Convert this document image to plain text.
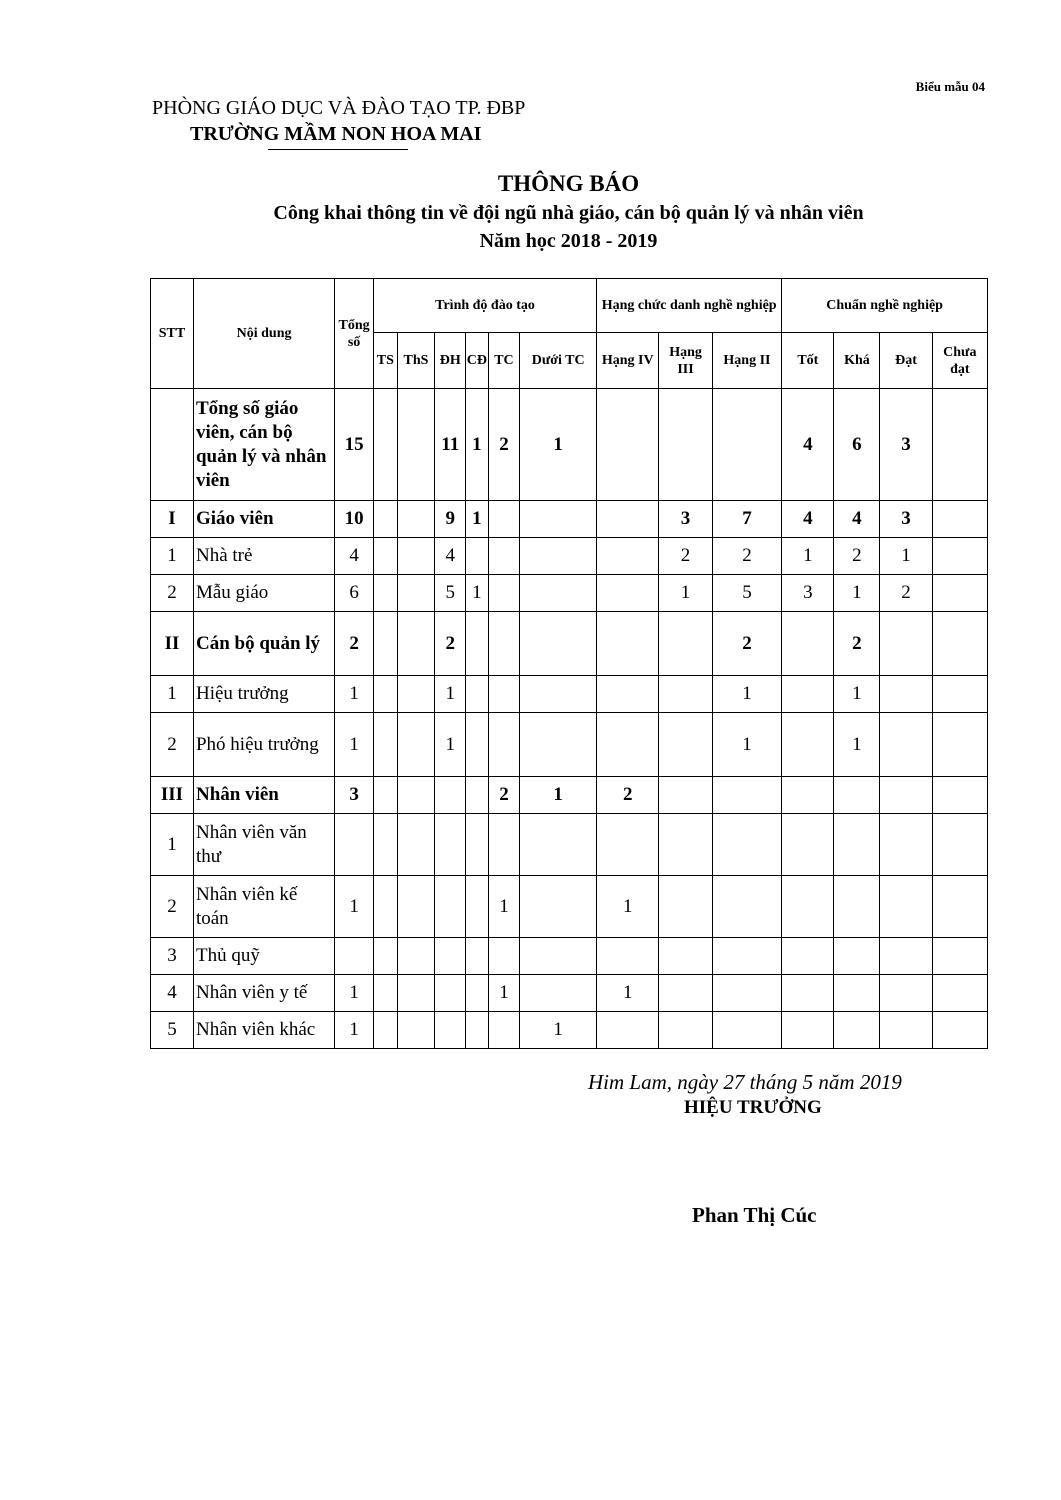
Biểu mẫu 04
PHÒNG GIÁO DỤC VÀ ĐÀO TẠO TP. ĐBP
TRƯỜNG MẦM NON HOA MAI
THÔNG BÁO
Công khai thông tin về đội ngũ nhà giáo, cán bộ quản lý và nhân viên
Năm học 2018 - 2019
STT	Nội dung	Tổng số	Trình độ đào tạo						Hạng chức danh nghề nghiệp			Chuẩn nghề nghiệp			
			TS	ThS	ĐH	CĐ	TC	Dưới TC	Hạng IV	Hạng III	Hạng II	Tốt	Khá	Đạt	Chưa đạt
	Tổng số giáo viên, cán bộ quản lý và nhân viên	15			11	1	2	1				4	6	3	
I	Giáo viên	10			9	1				3	7	4	4	3	
1	Nhà trẻ	4			4					2	2	1	2	1	
2	Mẫu giáo	6			5	1				1	5	3	1	2	
II	Cán bộ quản lý	2			2						2		2		
1	Hiệu trưởng	1			1						1		1		
2	Phó hiệu trưởng	1			1						1		1		
III	Nhân viên	3					2	1	2						
1	Nhân viên văn thư														
2	Nhân viên kế toán	1					1		1						
3	Thủ quỹ														
4	Nhân viên y tế	1					1		1						
5	Nhân viên khác	1						1							
Him Lam, ngày 27 tháng 5 năm 2019
HIỆU TRƯỞNG
Phan Thị Cúc
